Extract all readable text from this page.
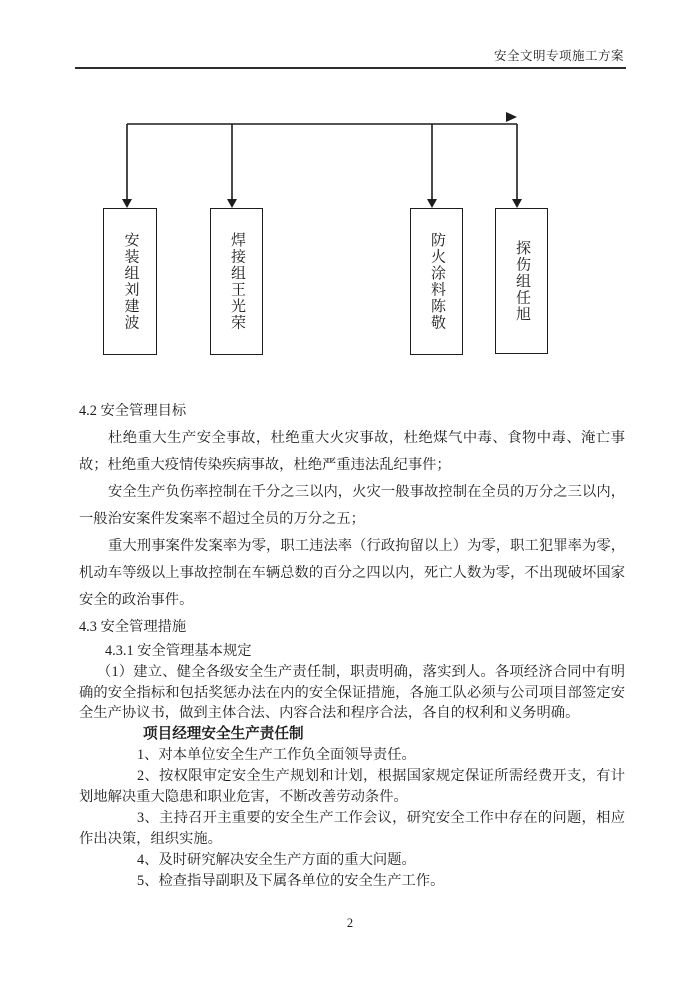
安全文明专项施工方案
安装组刘建波	焊接组王光荣	防火涂料陈敬	探伤组任旭
4.2 安全管理目标

杜绝重大生产安全事故，杜绝重大火灾事故，杜绝煤气中毒、食物中毒、淹亡事故；杜绝重大疫情传染疾病事故，杜绝严重违法乱纪事件；

安全生产负伤率控制在千分之三以内，火灾一般事故控制在全员的万分之三以内，一般治安案件发案率不超过全员的万分之五；

重大刑事案件发案率为零，职工违法率（行政拘留以上）为零，职工犯罪率为零，机动车等级以上事故控制在车辆总数的百分之四以内，死亡人数为零，不出现破坏国家安全的政治事件。

4.3 安全管理措施
4.3.1 安全管理基本规定

（1）建立、健全各级安全生产责任制，职责明确，落实到人。各项经济合同中有明确的安全指标和包括奖惩办法在内的安全保证措施，各施工队必须与公司项目部签定安全生产协议书，做到主体合法、内容合法和程序合法，各自的权利和义务明确。

项目经理安全生产责任制

1、对本单位安全生产工作负全面领导责任。

2、按权限审定安全生产规划和计划，根据国家规定保证所需经费开支，有计划地解决重大隐患和职业危害，不断改善劳动条件。

3、主持召开主重要的安全生产工作会议，研究安全工作中存在的问题，相应作出决策，组织实施。

4、及时研究解决安全生产方面的重大问题。

5、检查指导副职及下属各单位的安全生产工作。

2
